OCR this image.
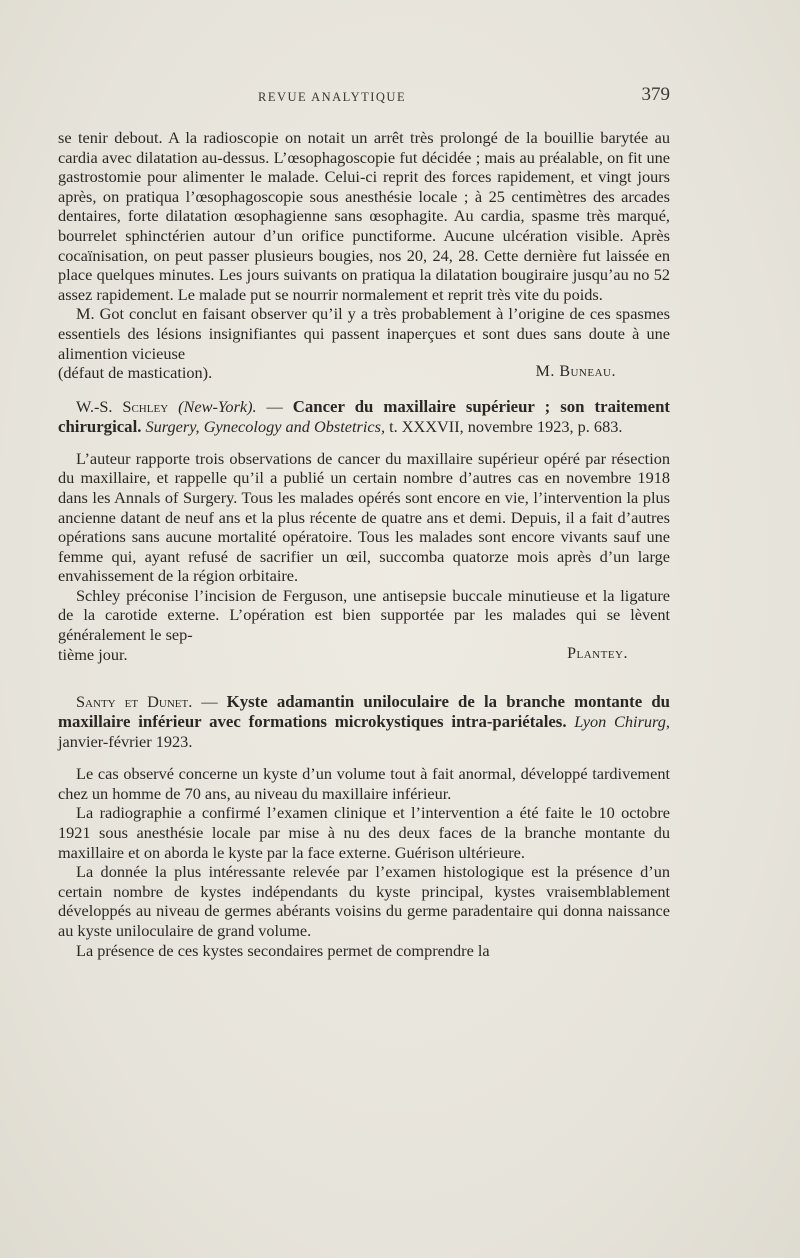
REVUE ANALYTIQUE	379

se tenir debout. A la radioscopie on notait un arrêt très prolongé de la bouillie barytée au cardia avec dilatation au-dessus. L’œsophagoscopie fut décidée ; mais au préalable, on fit une gastrostomie pour alimenter le malade. Celui-ci reprit des forces rapidement, et vingt jours après, on pratiqua l’œsophagoscopie sous anesthésie locale ; à 25 centimètres des arcades dentaires, forte dilatation œsophagienne sans œsophagite. Au cardia, spasme très marqué, bourrelet sphinctérien autour d’un orifice punctiforme. Aucune ulcération visible. Après cocaïnisation, on peut passer plusieurs bougies, nos 20, 24, 28. Cette dernière fut laissée en place quelques minutes. Les jours suivants on pratiqua la dilatation bougiraire jusqu’au no 52 assez rapidement. Le malade put se nourrir normalement et reprit très vite du poids.

M. Got conclut en faisant observer qu’il y a très probablement à l’origine de ces spasmes essentiels des lésions insignifiantes qui passent inaperçues et sont dues sans doute à une alimention vicieuse

(défaut de mastication).	M. Buneau.

W.-S. Schley (New-York). — Cancer du maxillaire supérieur ; son traitement chirurgical. Surgery, Gynecology and Obstetrics, t. XXXVII, novembre 1923, p. 683.

L’auteur rapporte trois observations de cancer du maxillaire supérieur opéré par résection du maxillaire, et rappelle qu’il a publié un certain nombre d’autres cas en novembre 1918 dans les Annals of Surgery. Tous les malades opérés sont encore en vie, l’intervention la plus ancienne datant de neuf ans et la plus récente de quatre ans et demi. Depuis, il a fait d’autres opérations sans aucune mortalité opératoire. Tous les malades sont encore vivants sauf une femme qui, ayant refusé de sacrifier un œil, succomba quatorze mois après d’un large envahissement de la région orbitaire.

Schley préconise l’incision de Ferguson, une antisepsie buccale minutieuse et la ligature de la carotide externe. L’opération est bien supportée par les malades qui se lèvent généralement le sep-

tième jour.	Plantey.

Santy et Dunet. — Kyste adamantin uniloculaire de la branche montante du maxillaire inférieur avec formations microkystiques intra-pariétales. Lyon Chirurg, janvier-février 1923.

Le cas observé concerne un kyste d’un volume tout à fait anormal, développé tardivement chez un homme de 70 ans, au niveau du maxillaire inférieur.

La radiographie a confirmé l’examen clinique et l’intervention a été faite le 10 octobre 1921 sous anesthésie locale par mise à nu des deux faces de la branche montante du maxillaire et on aborda le kyste par la face externe. Guérison ultérieure.

La donnée la plus intéressante relevée par l’examen histologique est la présence d’un certain nombre de kystes indépendants du kyste principal, kystes vraisemblablement développés au niveau de germes abérants voisins du germe paradentaire qui donna naissance au kyste uniloculaire de grand volume.

La présence de ces kystes secondaires permet de comprendre la
